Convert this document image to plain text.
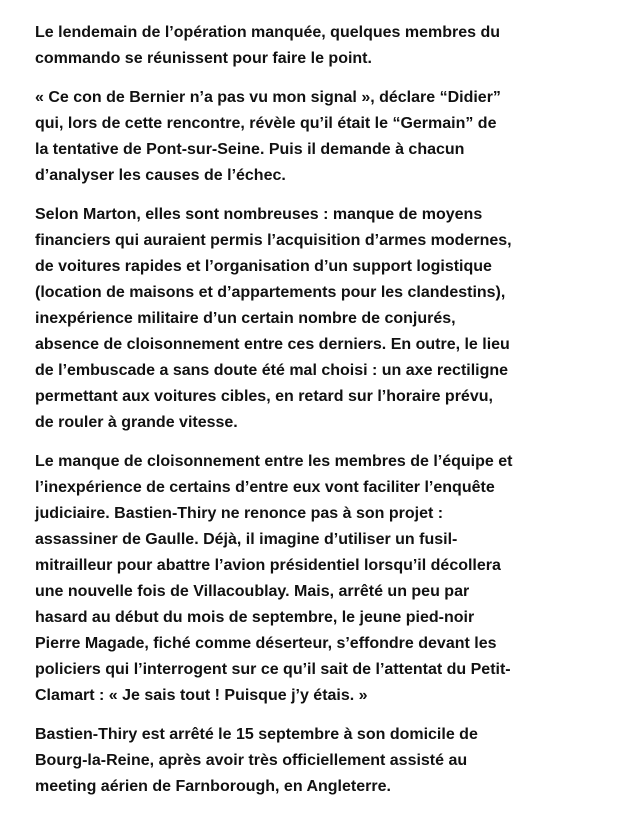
Le lendemain de l’opération manquée, quelques membres du
commando se réunissent pour faire le point.
« Ce con de Bernier n’a pas vu mon signal », déclare “Didier”
qui, lors de cette rencontre, révèle qu’il était le “Germain” de
la tentative de Pont-sur-Seine. Puis il demande à chacun
d’analyser les causes de l’échec.
Selon Marton, elles sont nombreuses : manque de moyens
financiers qui auraient permis l’acquisition d’armes modernes,
de voitures rapides et l’organisation d’un support logistique
(location de maisons et d’appartements pour les clandestins),
inexpérience militaire d’un certain nombre de conjurés,
absence de cloisonnement entre ces derniers. En outre, le lieu
de l’embuscade a sans doute été mal choisi : un axe rectiligne
permettant aux voitures cibles, en retard sur l’horaire prévu,
de rouler à grande vitesse.
Le manque de cloisonnement entre les membres de l’équipe et
l’inexpérience de certains d’entre eux vont faciliter l’enquête
judiciaire. Bastien-Thiry ne renonce pas à son projet :
assassiner de Gaulle. Déjà, il imagine d’utiliser un fusil-
mitrailleur pour abattre l’avion présidentiel lorsqu’il décollera
une nouvelle fois de Villacoublay. Mais, arrêté un peu par
hasard au début du mois de septembre, le jeune pied-noir
Pierre Magade, fiché comme déserteur, s’effondre devant les
policiers qui l’interrogent sur ce qu’il sait de l’attentat du Petit-
Clamart : « Je sais tout ! Puisque j’y étais. »
Bastien-Thiry est arrêté le 15 septembre à son domicile de
Bourg-la-Reine, après avoir très officiellement assisté au
meeting aérien de Farnborough, en Angleterre.
